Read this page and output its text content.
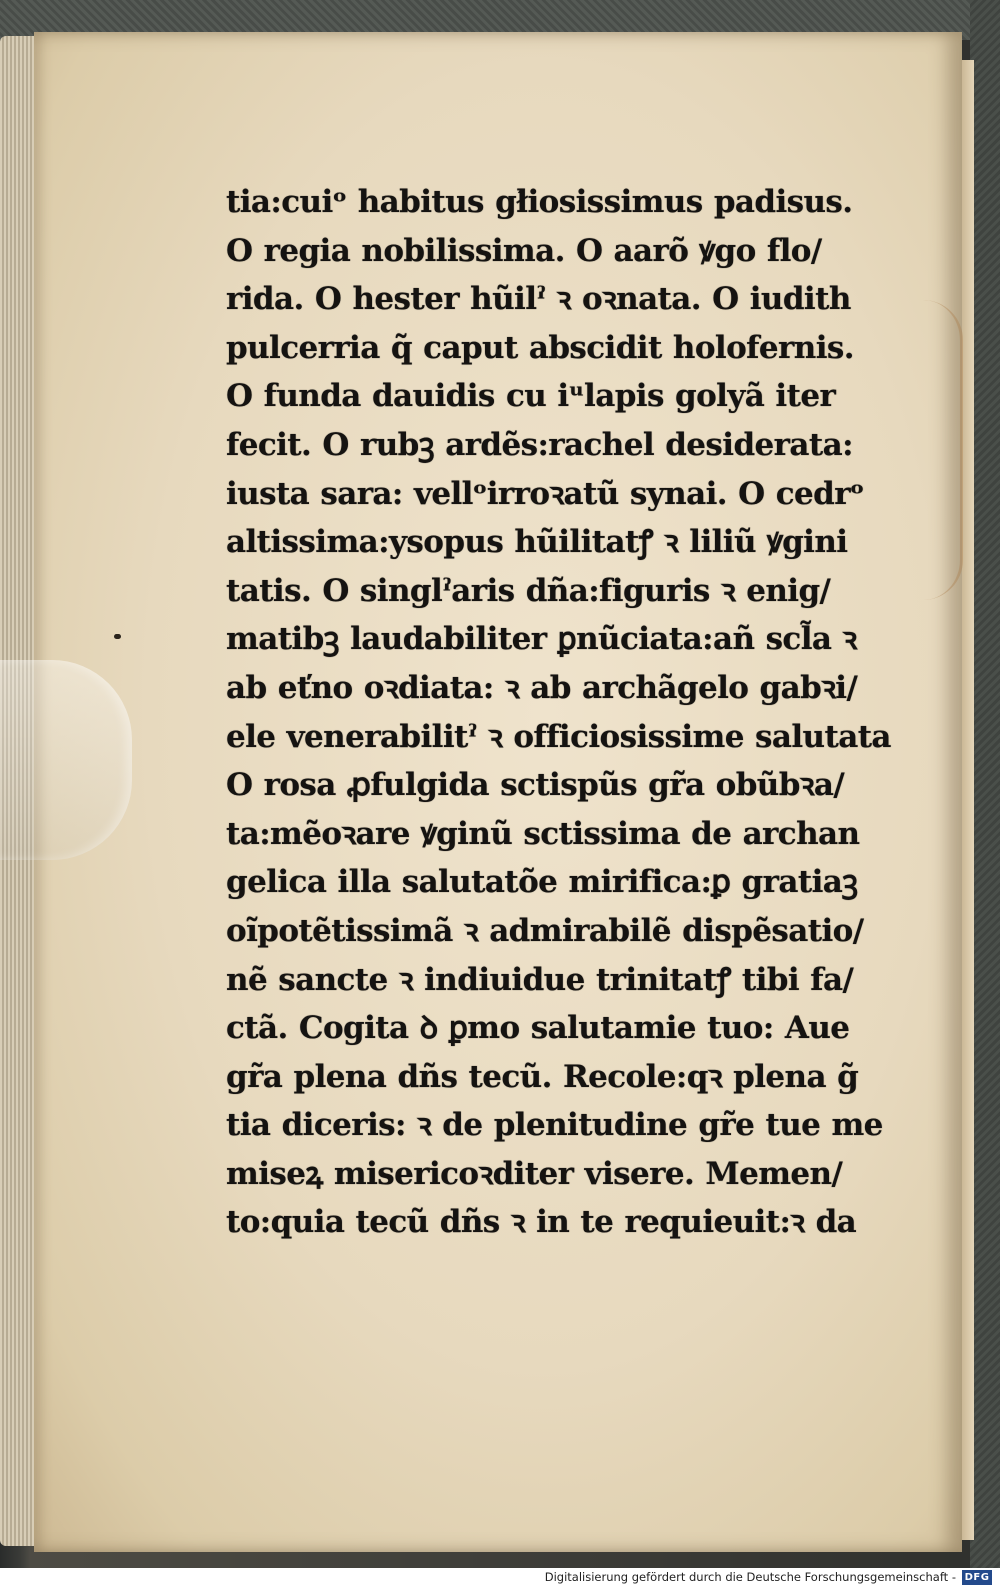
tia:cuiᵒ habitus gł́iosissimus padisus.
O regia nobilissima. O aarõ ꝟgo flo/
rida. O hester hũilˀ ꝛ oꝛnata. O iudith
pulcerria q̃ caput abscidit holofernis.
O funda dauidis cu iᵘlapis golyã iter
fecit. O rubꝫ ardẽs:rachel desiderata:
iusta sara: vellᵒirroꝛatũ synai. O cedrᵒ
altissima:ysopus hũilitatꝭ ꝛ liliũ ꝟgini
tatis. O singlˀaris dña:figuris ꝛ enig/
matibꝫ laudabiliter ꝑnũciata:añ scl̃a ꝛ
ab eťno oꝛdiata: ꝛ ab archãgelo gabꝛi/
ele venerabilitˀ ꝛ officiosissime salutata
O rosa ꝓfulgida sctispũs gr̃a obũbꝛa/
ta:mẽoꝛare ꝟginũ sctissima de archan
gelica illa salutatõe mirifica:ꝑ gratiaꝫ
oĩpotẽtissimã ꝛ admirabilẽ dispẽsatio/
nẽ sancte ꝛ indiuidue trinitatꝭ tibi fa/
ctã. Cogita ꝺ ꝑmo salutamie tuo: Aue
gr̃a plena dñs tecũ. Recole:qꝛ plena g̃
tia diceris: ꝛ de plenitudine gr̃e tue me
miseꝝ misericoꝛditer visere. Memen/
to:quia tecũ dñs ꝛ in te requieuit:ꝛ da
Digitalisierung gefördert durch die Deutsche Forschungsgemeinschaft - DFG
